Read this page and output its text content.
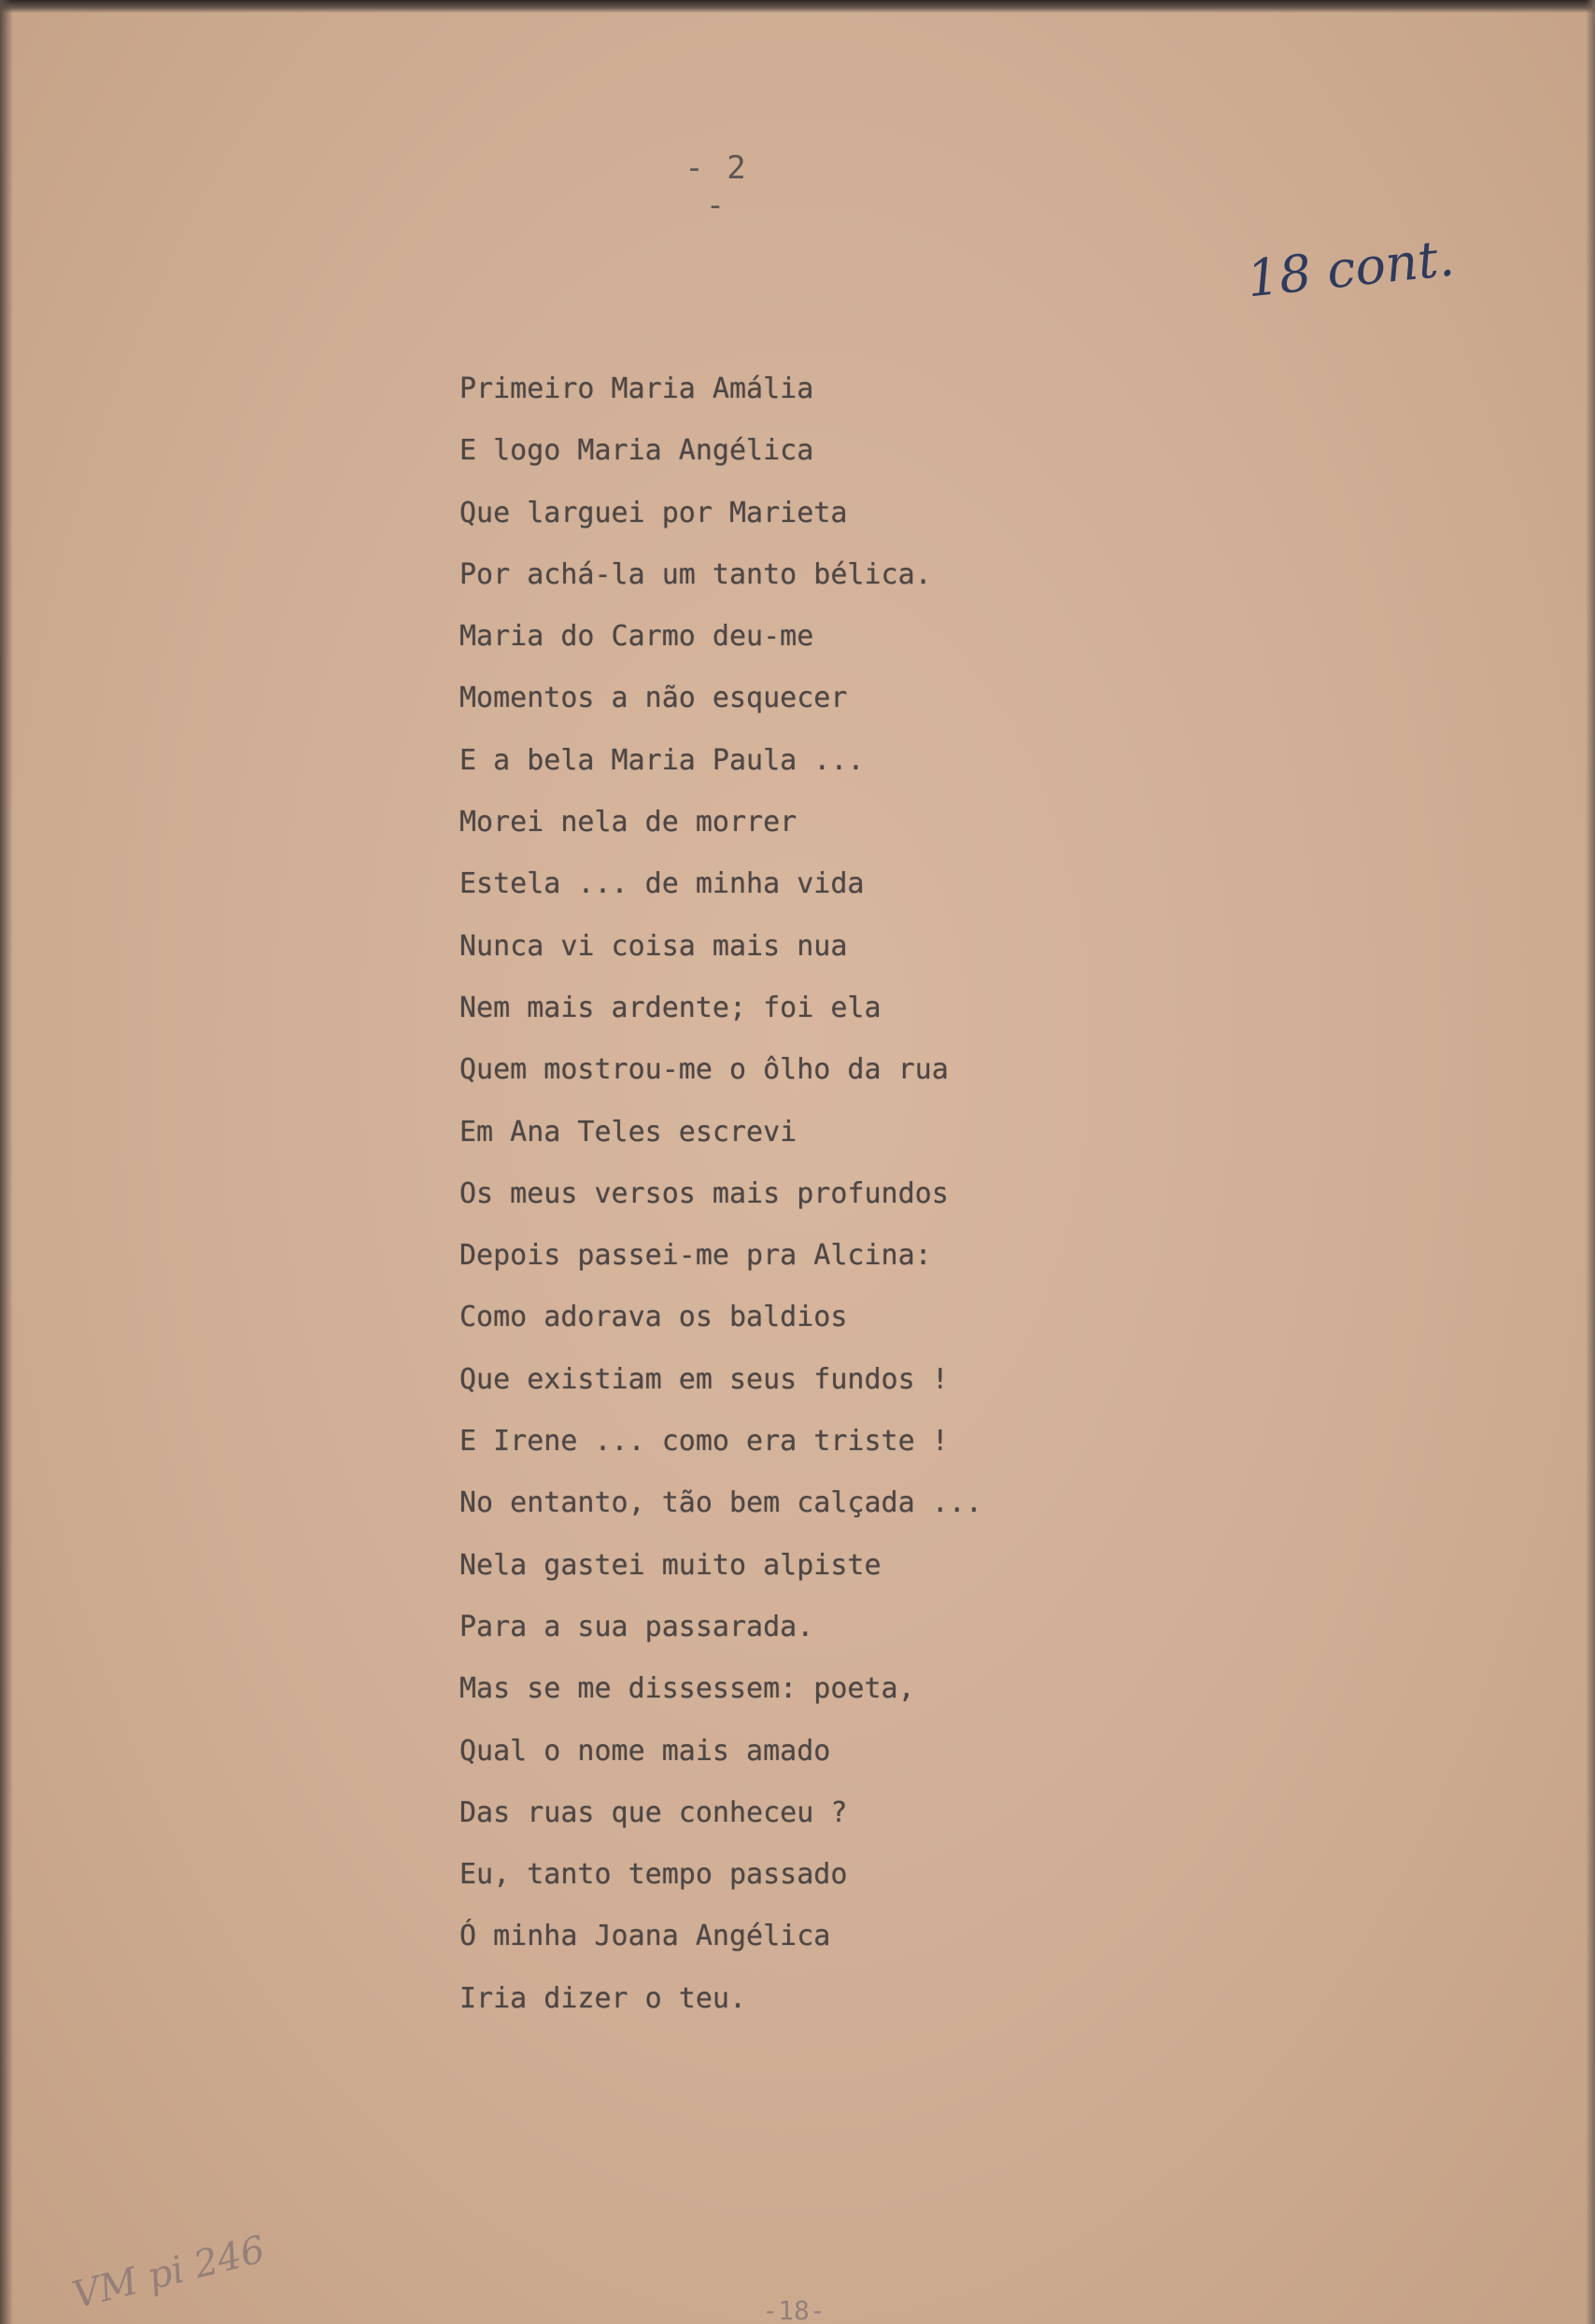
- 2 -
18 cont.
Primeiro Maria Amália
E logo Maria Angélica
Que larguei por Marieta
Por achá-la um tanto bélica.
Maria do Carmo deu-me
Momentos a não esquecer
E a bela Maria Paula ...
Morei nela de morrer
Estela ... de minha vida
Nunca vi coisa mais nua
Nem mais ardente; foi ela
Quem mostrou-me o ôlho da rua
Em Ana Teles escrevi
Os meus versos mais profundos
Depois passei-me pra Alcina:
Como adorava os baldios
Que existiam em seus fundos !
E Irene ... como era triste !
No entanto, tão bem calçada ...
Nela gastei muito alpiste
Para a sua passarada.
Mas se me dissessem: poeta,
Qual o nome mais amado
Das ruas que conheceu ?
Eu, tanto tempo passado
Ó minha Joana Angélica
Iria dizer o teu.
VM pi 246	-18-
